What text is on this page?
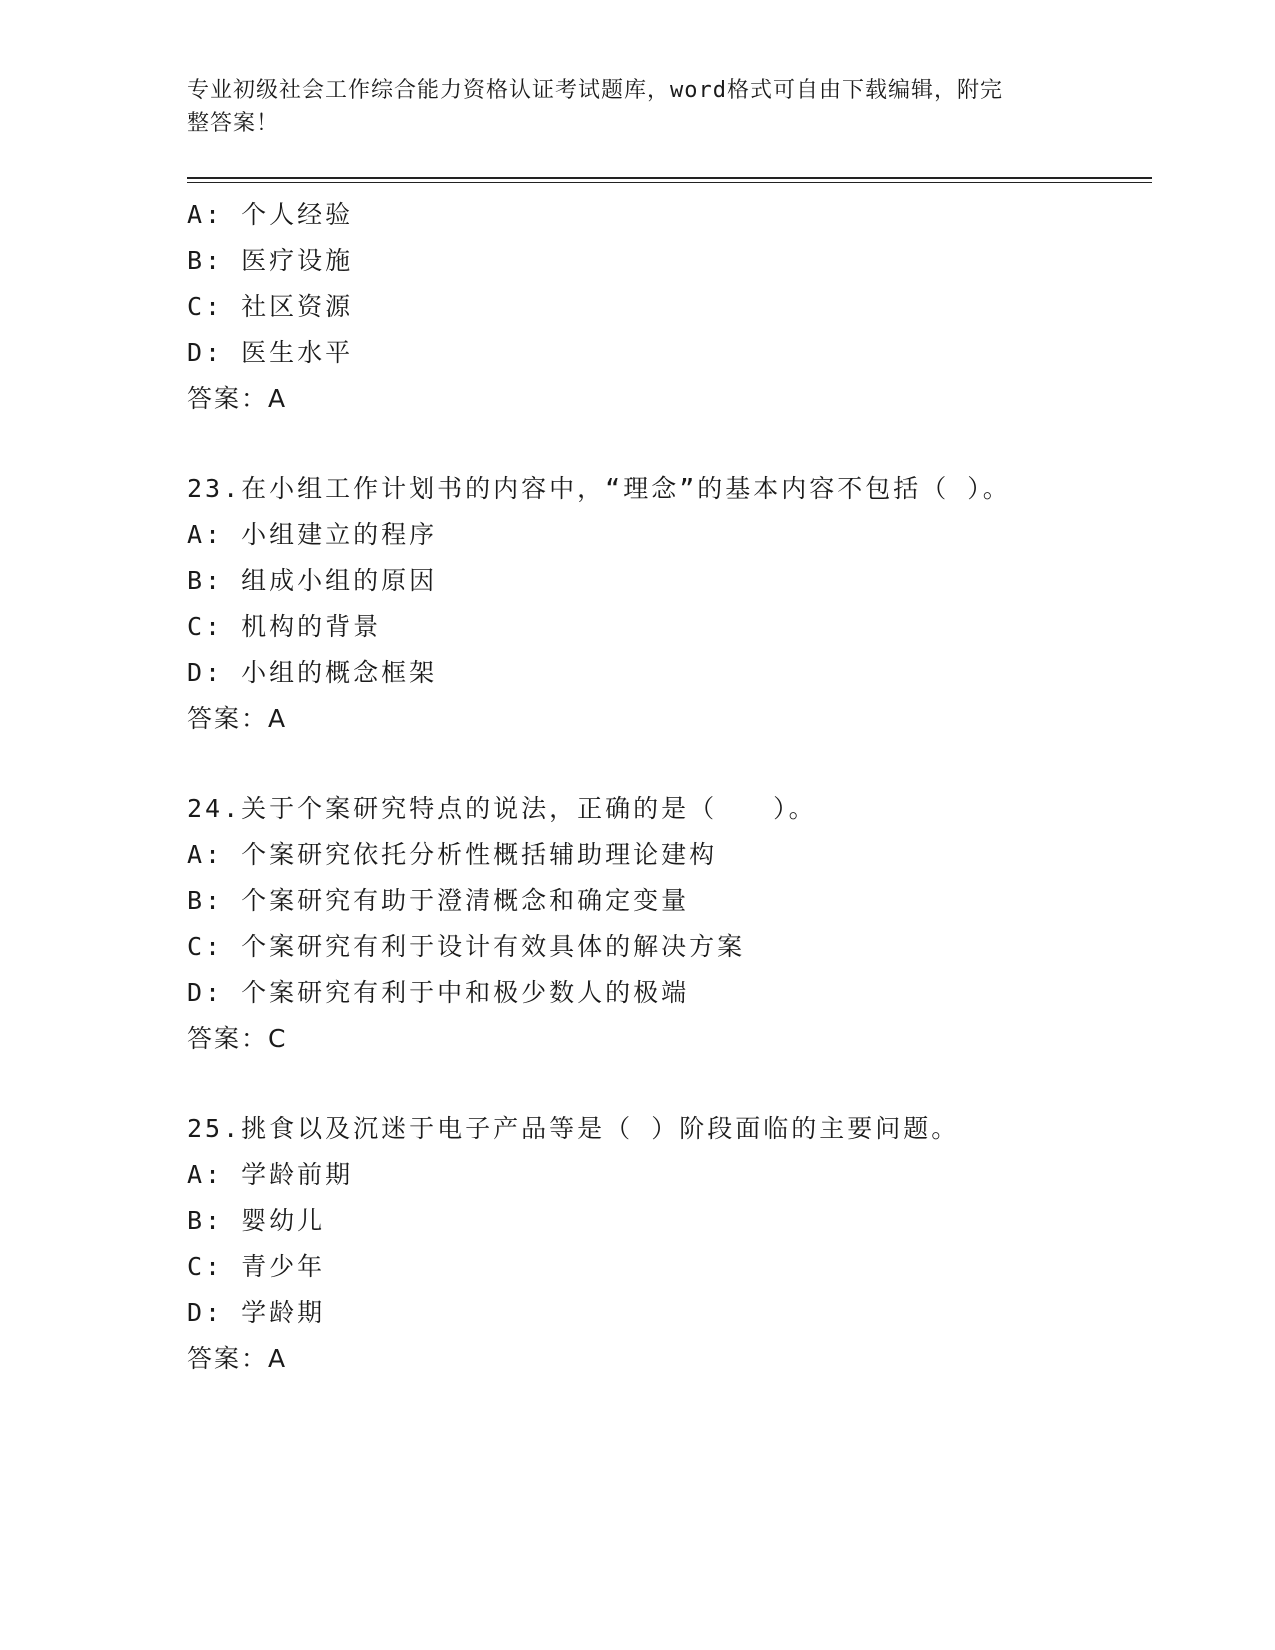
专业初级社会工作综合能力资格认证考试题库，word格式可自由下载编辑，附完
整答案！
A: 个人经验
B: 医疗设施
C: 社区资源
D: 医生水平
答案：A
23.在小组工作计划书的内容中，“理念”的基本内容不包括（ ）。
A: 小组建立的程序
B: 组成小组的原因
C: 机构的背景
D: 小组的概念框架
答案：A
24.关于个案研究特点的说法，正确的是（　　）。
A: 个案研究依托分析性概括辅助理论建构
B: 个案研究有助于澄清概念和确定变量
C: 个案研究有利于设计有效具体的解决方案
D: 个案研究有利于中和极少数人的极端
答案：C
25.挑食以及沉迷于电子产品等是（ ）阶段面临的主要问题。
A: 学龄前期
B: 婴幼儿
C: 青少年
D: 学龄期
答案：A
